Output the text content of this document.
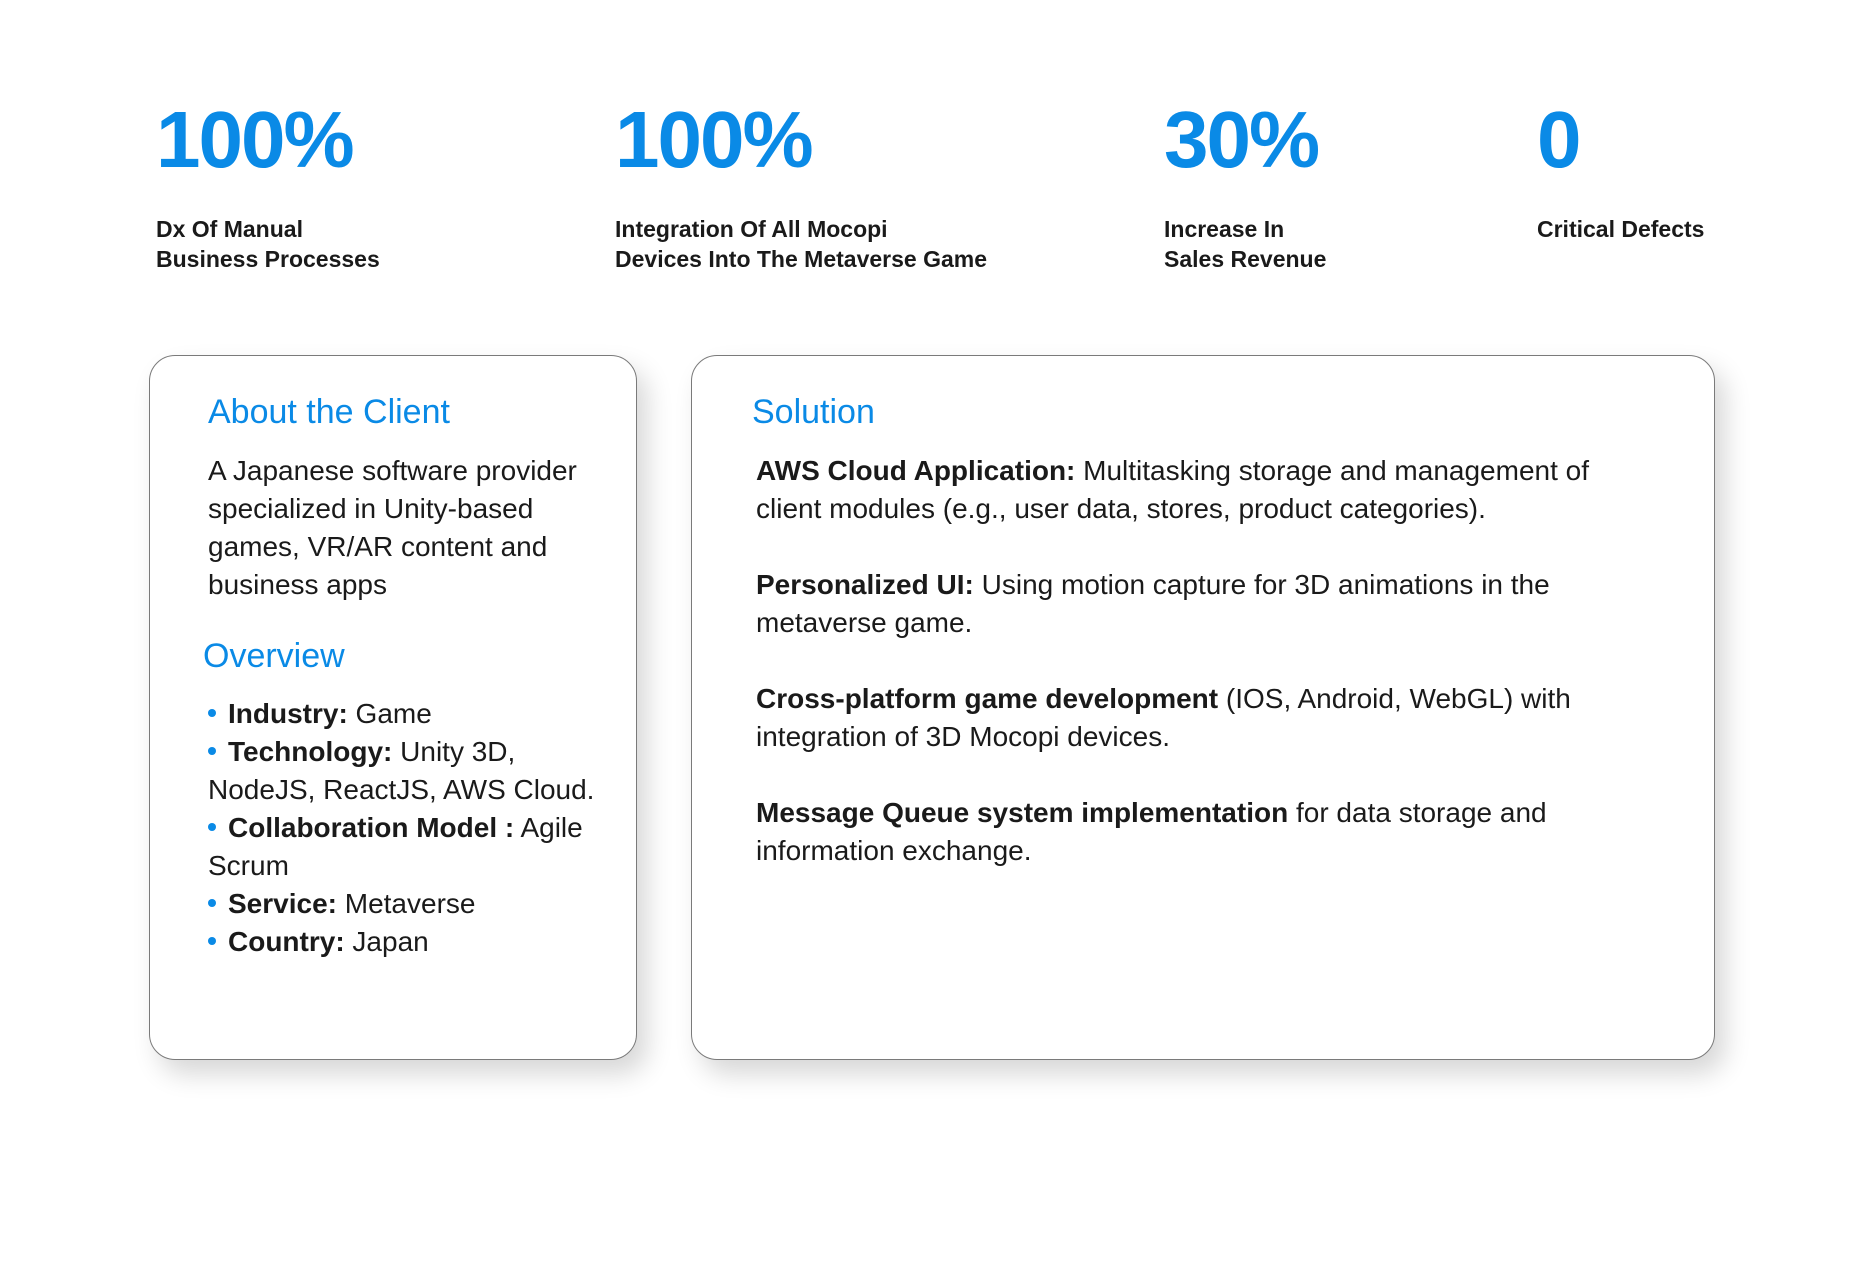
100%
Dx Of Manual
Business Processes
100%
Integration Of All Mocopi
Devices Into The Metaverse Game
30%
Increase In
Sales Revenue
0
Critical Defects
About the Client
A Japanese software provider specialized in Unity-based games, VR/AR content and business apps
Overview
Industry: Game
Technology: Unity 3D, NodeJS, ReactJS, AWS Cloud.
Collaboration Model : Agile Scrum
Service: Metaverse
Country: Japan
Solution

AWS Cloud Application: Multitasking storage and management of client modules (e.g., user data, stores, product categories).

Personalized UI: Using motion capture for 3D animations in the metaverse game.

Cross-platform game development (IOS, Android, WebGL) with integration of 3D Mocopi devices.

Message Queue system implementation for data storage and information exchange.
